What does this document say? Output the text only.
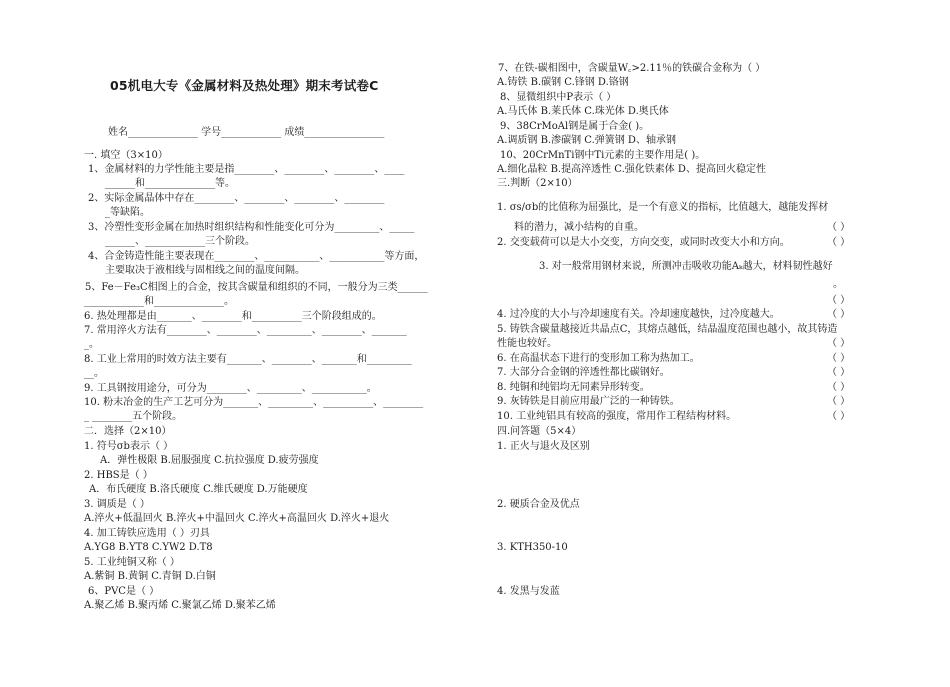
05机电大专《金属材料及热处理》期末考试卷C
姓名______________ 学号____________ 成绩________________
一. 填空（3×10）
1、金属材料的力学性能主要是指________、________、________、____
______和______________等。
2、实际金属晶体中存在________、________、________、________
_等缺陷。
3、冷塑性变形金属在加热时组织结构和性能变化可分为_________、_____
______、____________三个阶段。
4、合金铸造性能主要表现在________、___________、___________等方面，
主要取决于液相线与固相线之间的温度间隔。
5、Fe－Fe₃C相图上的合金，按其含碳量和组织的不同，一般分为三类______
____________和______________。
6. 热处理都是由_______、________和__________三个阶段组成的。
7. 常用淬火方法有________、________、_________、________、_______
_。
8. 工业上常用的时效方法主要有_______、________、_______和_________
__。
9. 工具钢按用途分，可分为________、_________、___________。
10. 粉末冶金的生产工艺可分为_______、_________、__________、________
_ ________五个阶段。
二．选择（2×10）
1. 符号σb表示（ ）
A．弹性极限 B.屈服强度 C.抗拉强度 D.疲劳强度
2. HBS是（ ）
A．布氏硬度 B.洛氏硬度 C.维氏硬度 D.万能硬度
3. 调质是（ ）
A.淬火+低温回火 B.淬火+中温回火 C.淬火+高温回火 D.淬火+退火
4. 加工铸铁应选用（ ）刃具
A.YG8 B.YT8 C.YW2 D.T8
5. 工业纯铜又称（ ）
A.紫铜 B.黄铜 C.青铜 D.白铜
6、PVC是（ ）
A.聚乙烯 B.聚丙烯 C.聚氯乙烯 D.聚苯乙烯
7、在铁-碳相图中，含碳量W꜀>2.11％的铁碳合金称为（ ）
A.铸铁 B.碳钢 C.锋钢 D.铬钢
8、显微组织中P表示（ ）
A.马氏体 B.莱氏体 C.珠光体 D.奥氏体
9、38CrMoAl钢是属于合金( )。
A.调质钢 B.渗碳钢 C.弹簧钢 D、轴承钢
10、20CrMnTi钢中Ti元素的主要作用是( )。
A.细化晶粒 B.提高淬透性 C.强化铁素体 D、提高回火稳定性
三.判断（2×10）
1. σs/σb的比值称为屈强比，是一个有意义的指标，比值越大，越能发挥材
料的潜力，减小结构的自重。
2. 交变载荷可以是大小交变，方向交变，或同时改变大小和方向。
3. 对一般常用钢材来说，所测冲击吸收功能Aₖ越大，材料韧性越好
。
4. 过冷度的大小与冷却速度有关。冷却速度越快，过冷度越大。
5. 铸铁含碳量越接近共晶点C，其熔点越低，结晶温度范围也越小，故其铸造
性能也较好。
6. 在高温状态下进行的变形加工称为热加工。
7. 大部分合金钢的淬透性都比碳钢好。
8. 纯铜和纯铝均无同素异形转变。
9. 灰铸铁是目前应用最广泛的一种铸铁。
10. 工业纯铝具有较高的强度，常用作工程结构材料。
四.问答题（5×4）
1. 正火与退火及区别
2. 硬质合金及优点
3. KTH350-10
4. 发黑与发蓝
（ ）
（ ）
（ ）
（ ）
（ ）
（ ）
（ ）
（ ）
（ ）
（ ）
